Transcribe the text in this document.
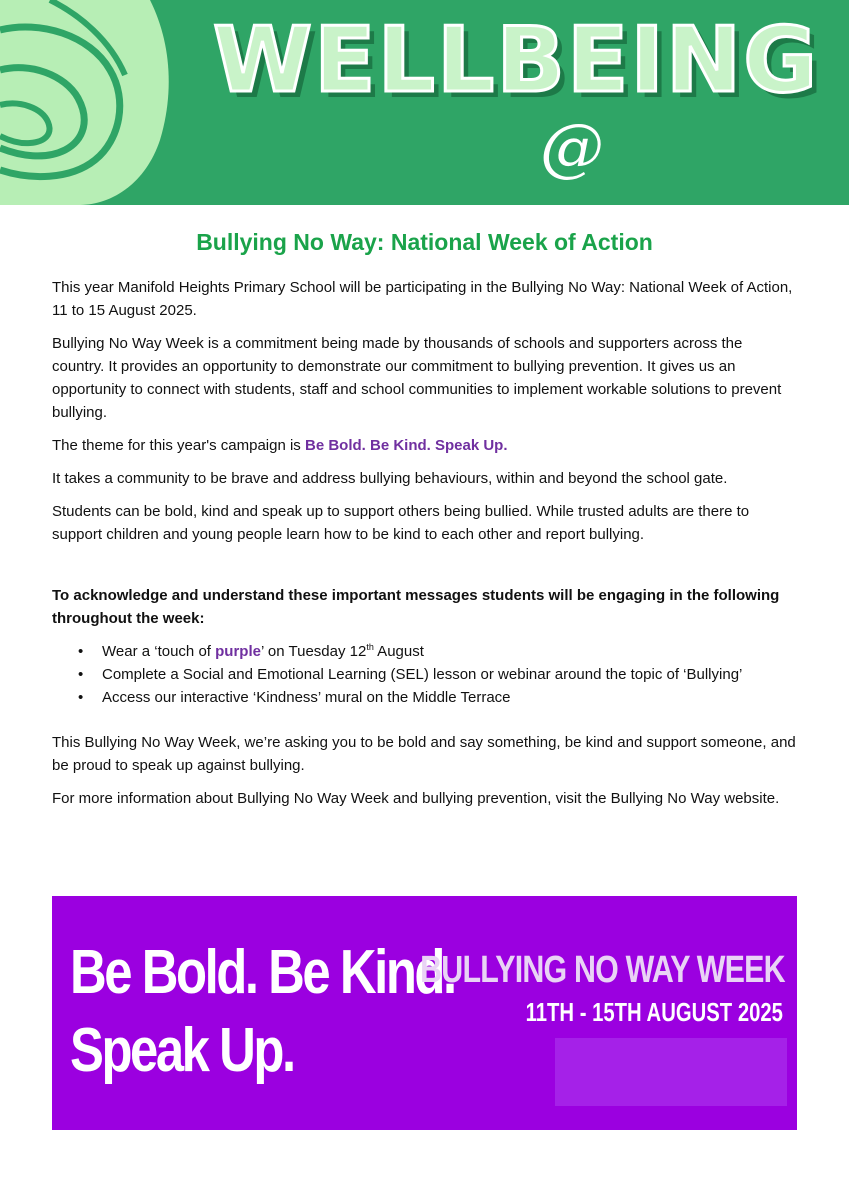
WELLBEING
@ mano
Bullying No Way: National Week of Action

This year Manifold Heights Primary School will be participating in the Bullying No Way: National Week of Action, 11 to 15 August 2025.

Bullying No Way Week is a commitment being made by thousands of schools and supporters across the country. It provides an opportunity to demonstrate our commitment to bullying prevention. It gives us an opportunity to connect with students, staff and school communities to implement workable solutions to prevent bullying.

The theme for this year's campaign is Be Bold. Be Kind. Speak Up.

It takes a community to be brave and address bullying behaviours, within and beyond the school gate.

Students can be bold, kind and speak up to support others being bullied. While trusted adults are there to support children and young people learn how to be kind to each other and report bullying.

To acknowledge and understand these important messages students will be engaging in the following throughout the week:

• Wear a ‘touch of purple’ on Tuesday 12th August
• Complete a Social and Emotional Learning (SEL) lesson or webinar around the topic of ‘Bullying’
• Access our interactive ‘Kindness’ mural on the Middle Terrace

This Bullying No Way Week, we’re asking you to be bold and say something, be kind and support someone, and be proud to speak up against bullying.

For more information about Bullying No Way Week and bullying prevention, visit the Bullying No Way website.

Be Bold. Be Kind.
Speak Up.
BULLYING NO WAY WEEK
11TH - 15TH AUGUST 2025
